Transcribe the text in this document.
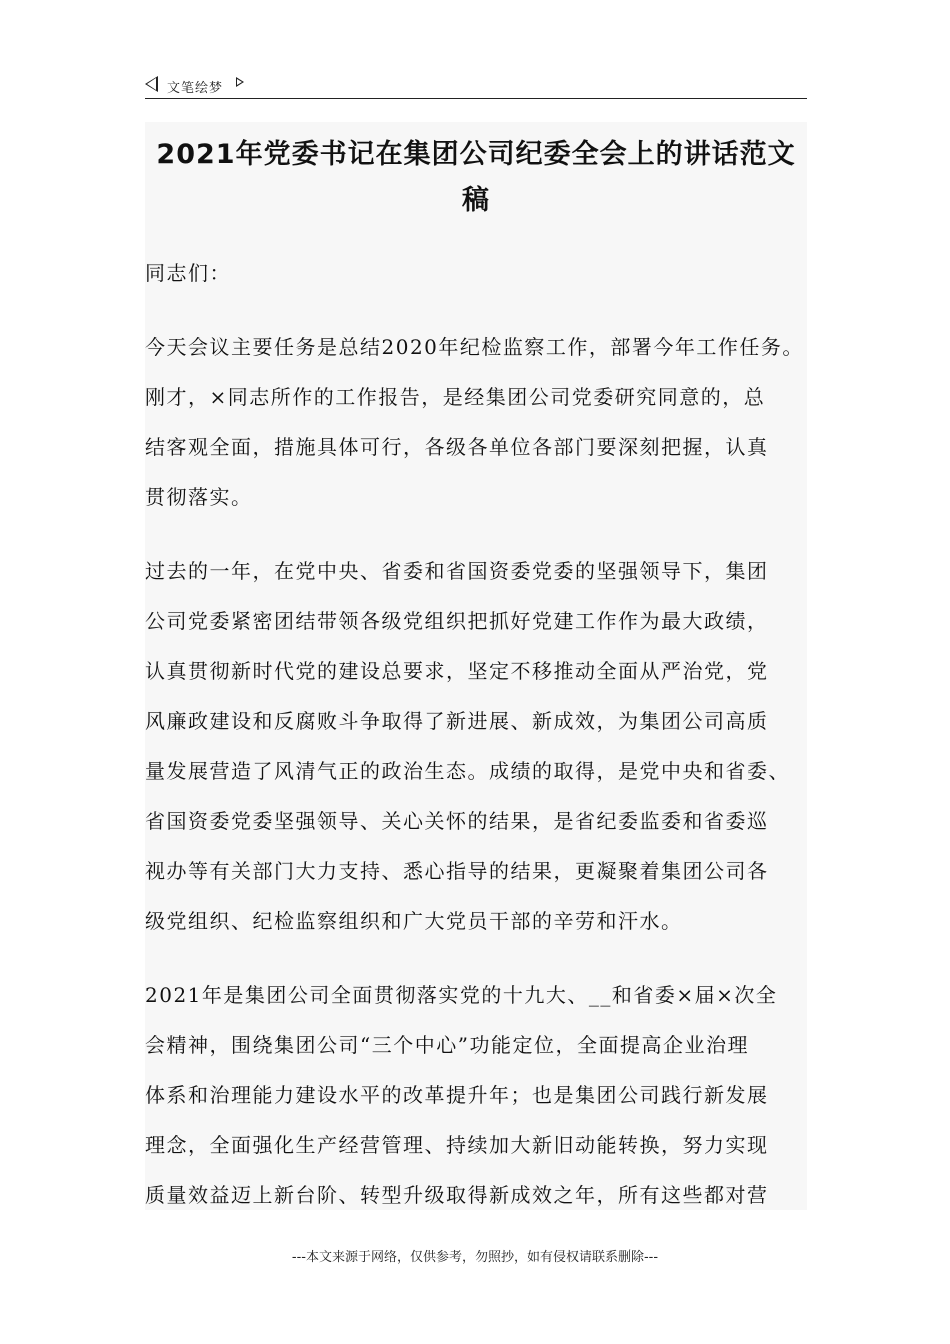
文笔绘梦
2021年党委书记在集团公司纪委全会上的讲话范文
稿

同志们：

今天会议主要任务是总结2020年纪检监察工作，部署今年工作任务。
刚才，×同志所作的工作报告，是经集团公司党委研究同意的，总
结客观全面，措施具体可行，各级各单位各部门要深刻把握，认真
贯彻落实。

过去的一年，在党中央、省委和省国资委党委的坚强领导下，集团
公司党委紧密团结带领各级党组织把抓好党建工作作为最大政绩，
认真贯彻新时代党的建设总要求，坚定不移推动全面从严治党，党
风廉政建设和反腐败斗争取得了新进展、新成效，为集团公司高质
量发展营造了风清气正的政治生态。成绩的取得，是党中央和省委、
省国资委党委坚强领导、关心关怀的结果，是省纪委监委和省委巡
视办等有关部门大力支持、悉心指导的结果，更凝聚着集团公司各
级党组织、纪检监察组织和广大党员干部的辛劳和汗水。

2021年是集团公司全面贯彻落实党的十九大、__和省委×届×次全
会精神，围绕集团公司“三个中心”功能定位，全面提高企业治理
体系和治理能力建设水平的改革提升年；也是集团公司践行新发展
理念，全面强化生产经营管理、持续加大新旧动能转换，努力实现
质量效益迈上新台阶、转型升级取得新成效之年，所有这些都对营

---本文来源于网络，仅供参考，勿照抄，如有侵权请联系删除---
